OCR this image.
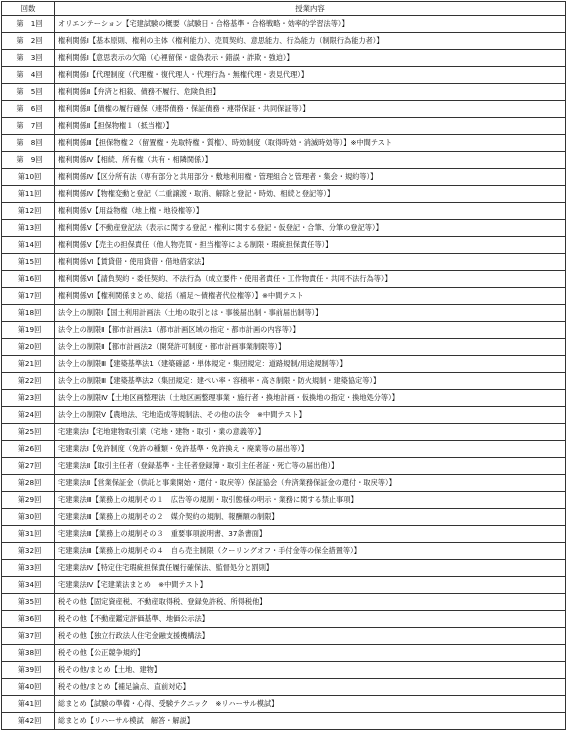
回数	授業内容
第　1回	オリエンテーション【宅建試験の概要（試験日・合格基準・合格戦略・効率的学習法等）】
第　2回	権利関係Ⅰ【基本原則、権利の主体（権利能力）、売買契約、意思能力、行為能力（制限行為能力者）】
第　3回	権利関係Ⅰ【意思表示の欠陥（心裡留保・虚偽表示・錯誤・詐欺・強迫）】
第　4回	権利関係Ⅰ【代理制度（代理権・復代理人・代理行為・無権代理・表見代理）】
第　5回	権利関係Ⅱ【弁済と相殺、債務不履行、危険負担】
第　6回	権利関係Ⅱ【債権の履行確保（連帯債務・保証債務・連帯保証・共同保証等）】
第　7回	権利関係Ⅱ【担保物権１（抵当権）】
第　8回	権利関係Ⅲ【担保物権２（留置権・先取特権・質権）、時効制度（取得時効・消滅時効等）】※中間テスト
第　9回	権利関係Ⅳ【相続、所有権（共有・相隣関係）】
第10回	権利関係Ⅳ【区分所有法（専有部分と共用部分・敷地利用権・管理組合と管理者・集会・規約等）】
第11回	権利関係Ⅳ【物権変動と登記（二重譲渡・取消、解除と登記・時効、相続と登記等）】
第12回	権利関係Ⅴ【用益物権（地上権・地役権等）】
第13回	権利関係Ⅴ【不動産登記法（表示に関する登記・権利に関する登記・仮登記・合筆、分筆の登記等）】
第14回	権利関係Ⅴ【売主の担保責任（他人物売買・担当権等による制限・瑕疵担保責任等）】
第15回	権利関係Ⅵ【賃貸借・使用貸借・借地借家法】
第16回	権利関係Ⅵ【請負契約・委任契約、不法行為（成立要件・使用者責任・工作物責任・共同不法行為等）】
第17回	権利関係Ⅵ【権利関係まとめ、総括（補足～債権者代位権等）】※中間テスト
第18回	法令上の制限Ⅰ【国土利用計画法（土地の取引とは・事後届出制・事前届出制等）】
第19回	法令上の制限Ⅱ【都市計画法1（都市計画区域の指定・都市計画の内容等）】
第20回	法令上の制限Ⅱ【都市計画法2（開発許可制度・都市計画事業制限等）】
第21回	法令上の制限Ⅲ【建築基準法1（建築確認・単体規定・集団規定：道路規制/用途規制等）】
第22回	法令上の制限Ⅲ【建築基準法2（集団規定：建ぺい率・容積率・高さ制限・防火規制・建築協定等）】
第23回	法令上の制限Ⅳ【土地区画整理法（土地区画整理事業・施行者・換地計画・仮換地の指定・換地処分等）】
第24回	法令上の制限Ⅴ【農地法、宅地造成等規制法、その他の法令　※中間テスト】
第25回	宅建業法Ⅰ【宅地建物取引業（宅地・建物・取引・業の意義等）】
第26回	宅建業法Ⅰ【免許制度（免許の種類・免許基準・免許換え・廃業等の届出等）】
第27回	宅建業法Ⅱ【取引主任者（登録基準・主任者登録簿・取引主任者証・死亡等の届出他）】
第28回	宅建業法Ⅱ【営業保証金（供託と事業開始・還付・取戻等）保証協会（弁済業務保証金の還付・取戻等）】
第29回	宅建業法Ⅲ【業務上の規制その１　広告等の規制・取引態様の明示・業務に関する禁止事項】
第30回	宅建業法Ⅲ【業務上の規制その２　媒介契約の規制、報酬額の制限】
第31回	宅建業法Ⅲ【業務上の規制その３　重要事項説明書、37条書面】
第32回	宅建業法Ⅲ【業務上の規制その４　自ら売主制限（クーリングオフ・手付金等の保全措置等）】
第33回	宅建業法Ⅳ【特定住宅瑕疵担保責任履行確保法、監督処分と罰則】
第34回	宅建業法Ⅳ【宅建業法まとめ　※中間テスト】
第35回	税その他【固定資産税、不動産取得税、登録免許税、所得税他】
第36回	税その他【不動産鑑定評価基準、地価公示法】
第37回	税その他【独立行政法人住宅金融支援機構法】
第38回	税その他【公正競争規約】
第39回	税その他/まとめ【土地、建物】
第40回	税その他/まとめ【補足論点、直前対応】
第41回	総まとめ【試験の準備・心得、受験テクニック　※リハーサル模試】
第42回	総まとめ【リハーサル模試　解答・解説】
